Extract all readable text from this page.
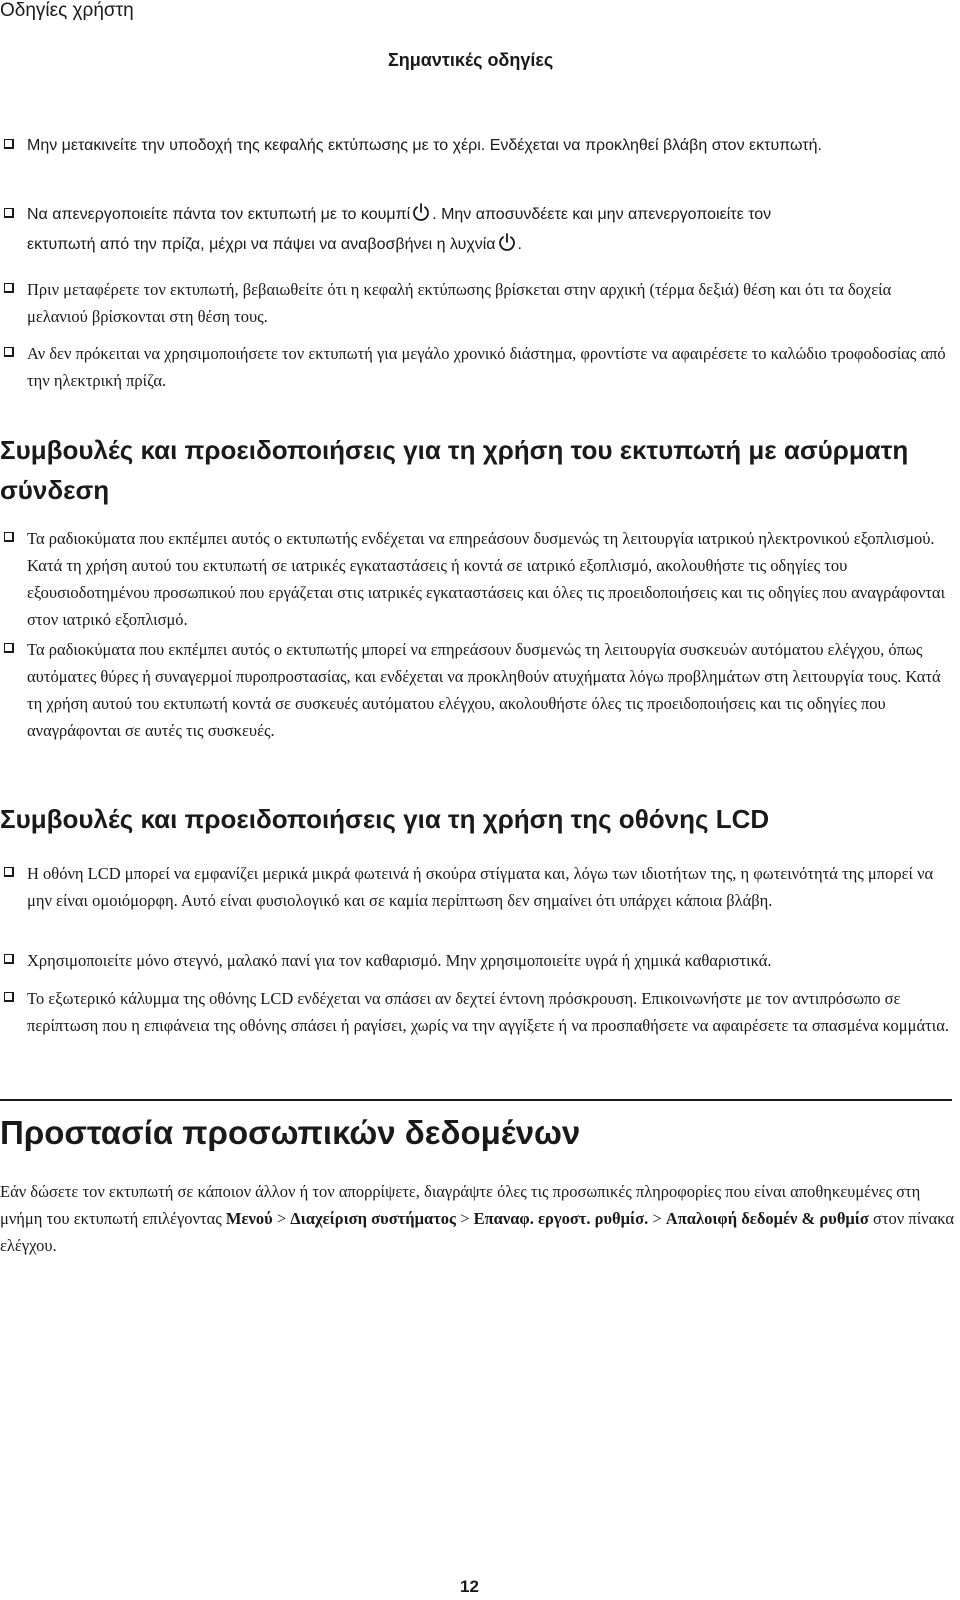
Οδηγίες χρήστη
Σημαντικές οδηγίες
Μην μετακινείτε την υποδοχή της κεφαλής εκτύπωσης με το χέρι. Ενδέχεται να προκληθεί βλάβη στον εκτυπωτή.
Να απενεργοποιείτε πάντα τον εκτυπωτή με το κουμπί . Μην αποσυνδέετε και μην απενεργοποιείτε τον
εκτυπωτή από την πρίζα, μέχρι να πάψει να αναβοσβήνει η λυχνία .
Πριν μεταφέρετε τον εκτυπωτή, βεβαιωθείτε ότι η κεφαλή εκτύπωσης βρίσκεται στην αρχική (τέρμα δεξιά) θέση και ότι τα δοχεία μελανιού βρίσκονται στη θέση τους.
Αν δεν πρόκειται να χρησιμοποιήσετε τον εκτυπωτή για μεγάλο χρονικό διάστημα, φροντίστε να αφαιρέσετε το καλώδιο τροφοδοσίας από την ηλεκτρική πρίζα.
Συμβουλές και προειδοποιήσεις για τη χρήση του εκτυπωτή με ασύρματη σύνδεση
Τα ραδιοκύματα που εκπέμπει αυτός ο εκτυπωτής ενδέχεται να επηρεάσουν δυσμενώς τη λειτουργία ιατρικού ηλεκτρονικού εξοπλισμού. Κατά τη χρήση αυτού του εκτυπωτή σε ιατρικές εγκαταστάσεις ή κοντά σε ιατρικό εξοπλισμό, ακολουθήστε τις οδηγίες του εξουσιοδοτημένου προσωπικού που εργάζεται στις ιατρικές εγκαταστάσεις και όλες τις προειδοποιήσεις και τις οδηγίες που αναγράφονται στον ιατρικό εξοπλισμό.
Τα ραδιοκύματα που εκπέμπει αυτός ο εκτυπωτής μπορεί να επηρεάσουν δυσμενώς τη λειτουργία συσκευών αυτόματου ελέγχου, όπως αυτόματες θύρες ή συναγερμοί πυροπροστασίας, και ενδέχεται να προκληθούν ατυχήματα λόγω προβλημάτων στη λειτουργία τους. Κατά τη χρήση αυτού του εκτυπωτή κοντά σε συσκευές αυτόματου ελέγχου, ακολουθήστε όλες τις προειδοποιήσεις και τις οδηγίες που αναγράφονται σε αυτές τις συσκευές.
Συμβουλές και προειδοποιήσεις για τη χρήση της οθόνης LCD
Η οθόνη LCD μπορεί να εμφανίζει μερικά μικρά φωτεινά ή σκούρα στίγματα και, λόγω των ιδιοτήτων της, η φωτεινότητά της μπορεί να μην είναι ομοιόμορφη. Αυτό είναι φυσιολογικό και σε καμία περίπτωση δεν σημαίνει ότι υπάρχει κάποια βλάβη.
Χρησιμοποιείτε μόνο στεγνό, μαλακό πανί για τον καθαρισμό. Μην χρησιμοποιείτε υγρά ή χημικά καθαριστικά.
Το εξωτερικό κάλυμμα της οθόνης LCD ενδέχεται να σπάσει αν δεχτεί έντονη πρόσκρουση. Επικοινωνήστε με τον αντιπρόσωπο σε περίπτωση που η επιφάνεια της οθόνης σπάσει ή ραγίσει, χωρίς να την αγγίξετε ή να προσπαθήσετε να αφαιρέσετε τα σπασμένα κομμάτια.
Προστασία προσωπικών δεδομένων
Εάν δώσετε τον εκτυπωτή σε κάποιον άλλον ή τον απορρίψετε, διαγράψτε όλες τις προσωπικές πληροφορίες που είναι αποθηκευμένες στη μνήμη του εκτυπωτή επιλέγοντας Μενού > Διαχείριση συστήματος > Επαναφ. εργοστ. ρυθμίσ. > Απαλοιφή δεδομέν & ρυθμίσ στον πίνακα ελέγχου.
12
